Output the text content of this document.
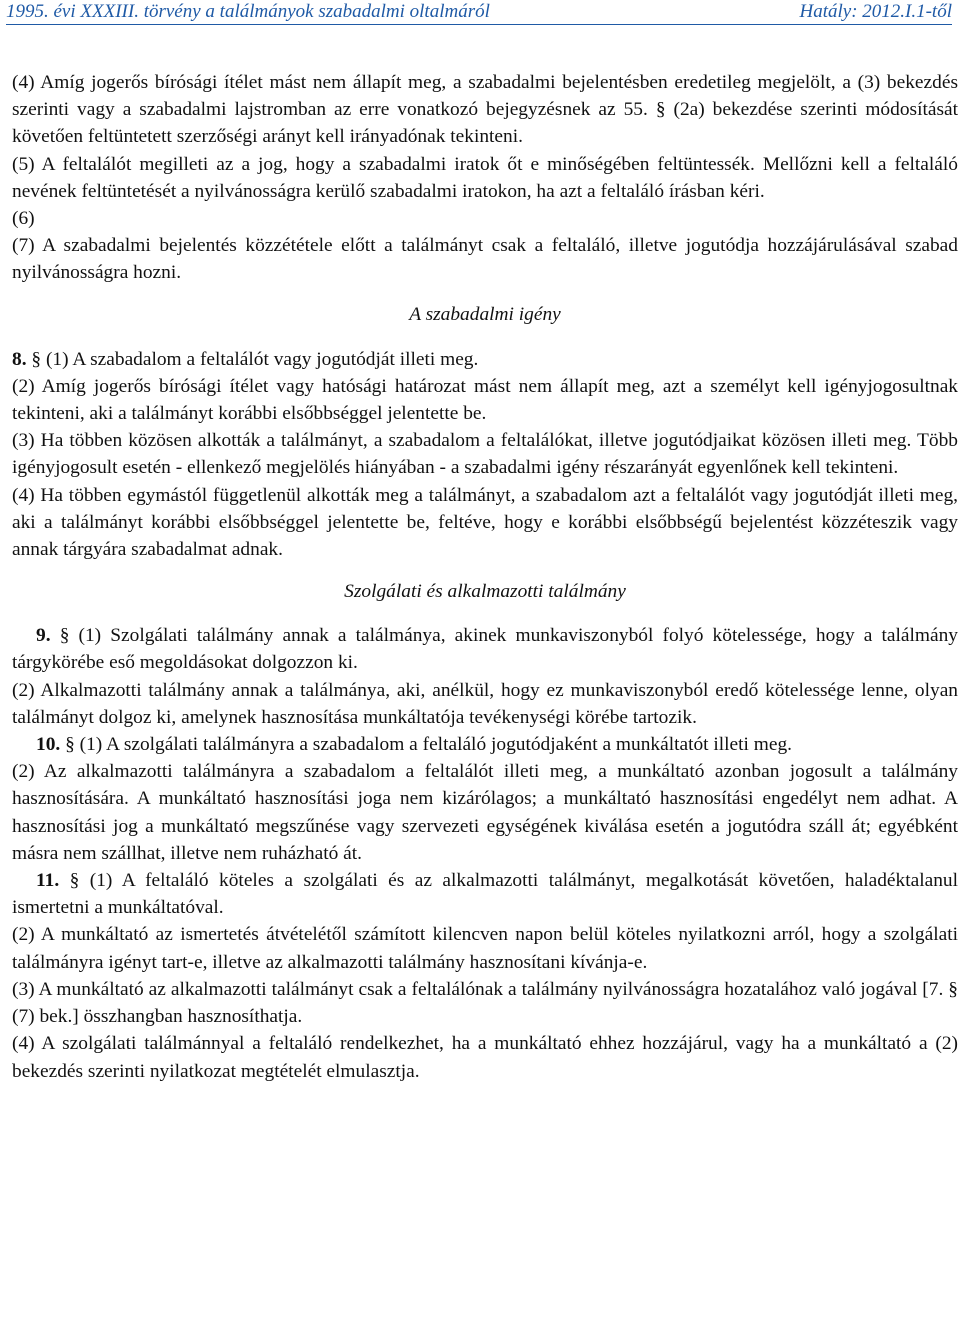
1995. évi XXXIII. törvény a találmányok szabadalmi oltalmáról	Hatály: 2012.I.1-től

(4) Amíg jogerős bírósági ítélet mást nem állapít meg, a szabadalmi bejelentésben eredetileg megjelölt, a (3) bekezdés szerinti vagy a szabadalmi lajstromban az erre vonatkozó bejegyzésnek az 55. § (2a) bekezdése szerinti módosítását követően feltüntetett szerzőségi arányt kell irányadónak tekinteni.

(5) A feltalálót megilleti az a jog, hogy a szabadalmi iratok őt e minőségében feltüntessék. Mellőzni kell a feltaláló nevének feltüntetését a nyilvánosságra kerülő szabadalmi iratokon, ha azt a feltaláló írásban kéri.

(6)

(7) A szabadalmi bejelentés közzététele előtt a találmányt csak a feltaláló, illetve jogutódja hozzájárulásával szabad nyilvánosságra hozni.

A szabadalmi igény

8. § (1) A szabadalom a feltalálót vagy jogutódját illeti meg.

(2) Amíg jogerős bírósági ítélet vagy hatósági határozat mást nem állapít meg, azt a személyt kell igényjogosultnak tekinteni, aki a találmányt korábbi elsőbbséggel jelentette be.

(3) Ha többen közösen alkották a találmányt, a szabadalom a feltalálókat, illetve jogutódjaikat közösen illeti meg. Több igényjogosult esetén - ellenkező megjelölés hiányában - a szabadalmi igény részarányát egyenlőnek kell tekinteni.

(4) Ha többen egymástól függetlenül alkották meg a találmányt, a szabadalom azt a feltalálót vagy jogutódját illeti meg, aki a találmányt korábbi elsőbbséggel jelentette be, feltéve, hogy e korábbi elsőbbségű bejelentést közzéteszik vagy annak tárgyára szabadalmat adnak.

Szolgálati és alkalmazotti találmány

9. § (1) Szolgálati találmány annak a találmánya, akinek munkaviszonyból folyó kötelessége, hogy a találmány tárgykörébe eső megoldásokat dolgozzon ki.

(2) Alkalmazotti találmány annak a találmánya, aki, anélkül, hogy ez munkaviszonyból eredő kötelessége lenne, olyan találmányt dolgoz ki, amelynek hasznosítása munkáltatója tevékenységi körébe tartozik.

10. § (1) A szolgálati találmányra a szabadalom a feltaláló jogutódjaként a munkáltatót illeti meg.

(2) Az alkalmazotti találmányra a szabadalom a feltalálót illeti meg, a munkáltató azonban jogosult a találmány hasznosítására. A munkáltató hasznosítási joga nem kizárólagos; a munkáltató hasznosítási engedélyt nem adhat. A hasznosítási jog a munkáltató megszűnése vagy szervezeti egységének kiválása esetén a jogutódra száll át; egyébként másra nem szállhat, illetve nem ruházható át.

11. § (1) A feltaláló köteles a szolgálati és az alkalmazotti találmányt, megalkotását követően, haladéktalanul ismertetni a munkáltatóval.

(2) A munkáltató az ismertetés átvételétől számított kilencven napon belül köteles nyilatkozni arról, hogy a szolgálati találmányra igényt tart-e, illetve az alkalmazotti találmány hasznosítani kívánja-e.

(3) A munkáltató az alkalmazotti találmányt csak a feltalálónak a találmány nyilvánosságra hozatalához való jogával [7. § (7) bek.] összhangban hasznosíthatja.

(4) A szolgálati találmánnyal a feltaláló rendelkezhet, ha a munkáltató ehhez hozzájárul, vagy ha a munkáltató a (2) bekezdés szerinti nyilatkozat megtételét elmulasztja.
